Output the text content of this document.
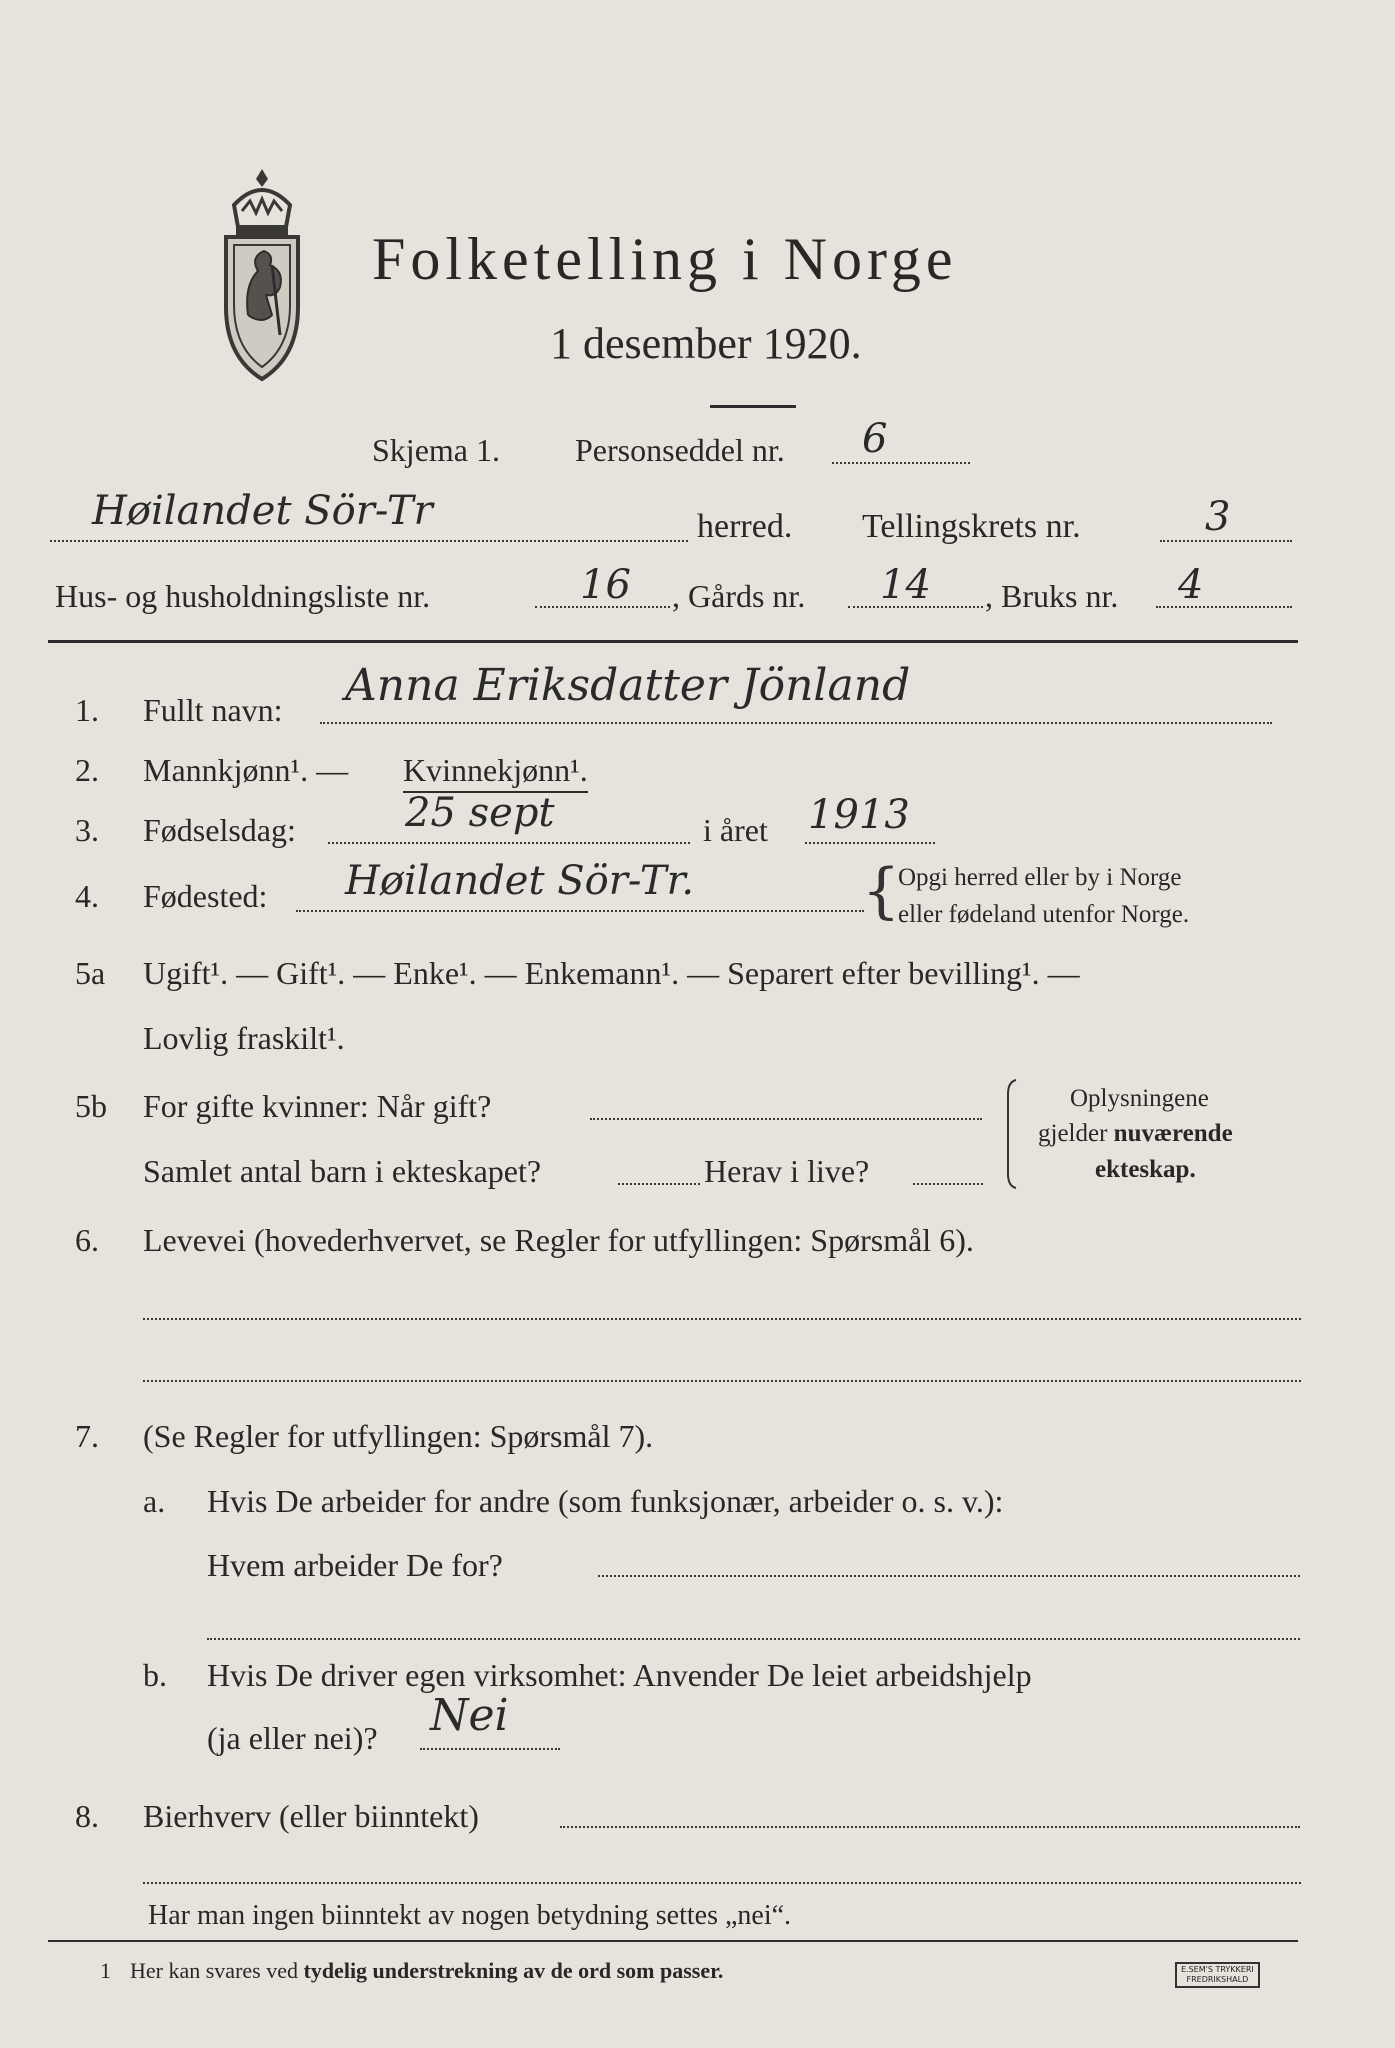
Folketelling i Norge
1 desember 1920.
Skjema 1. Personseddel nr. 6
Høilandet Sör-Tr	herred. Tellingskrets nr.	3
Hus- og husholdningsliste nr.	16 , Gårds nr. 14 , Bruks nr. 4
1. Fullt navn: Anna Eriksdatter Jönland
2. Mannkjønn¹. — Kvinnekjønn¹.
3. Fødselsdag:	25 sept	i året 1913
4. Fødested: Høilandet Sör-Tr.	{
Opgi herred eller by i Norge
eller fødeland utenfor Norge.
5a Ugift¹. — Gift¹. — Enke¹. — Enkemann¹. — Separert efter bevilling¹. —
Lovlig fraskilt¹.
5b For gifte kvinner: Når gift?
Samlet antal barn i ekteskapet?	Herav i live?
Oplysningene
gjelder nuværende
ekteskap.
6. Levevei (hovederhvervet, se Regler for utfyllingen: Spørsmål 6).
7. (Se Regler for utfyllingen: Spørsmål 7).
a. Hvis De arbeider for andre (som funksjonær, arbeider o. s. v.):
Hvem arbeider De for?
b. Hvis De driver egen virksomhet: Anvender De leiet arbeidshjelp
(ja eller nei)? Nei
8. Bierhverv (eller biinntekt)
Har man ingen biinntekt av nogen betydning settes „nei“.
1 Her kan svares ved tydelig understrekning av de ord som passer.	E.SEM'S TRYKKERI
FREDRIKSHALD
